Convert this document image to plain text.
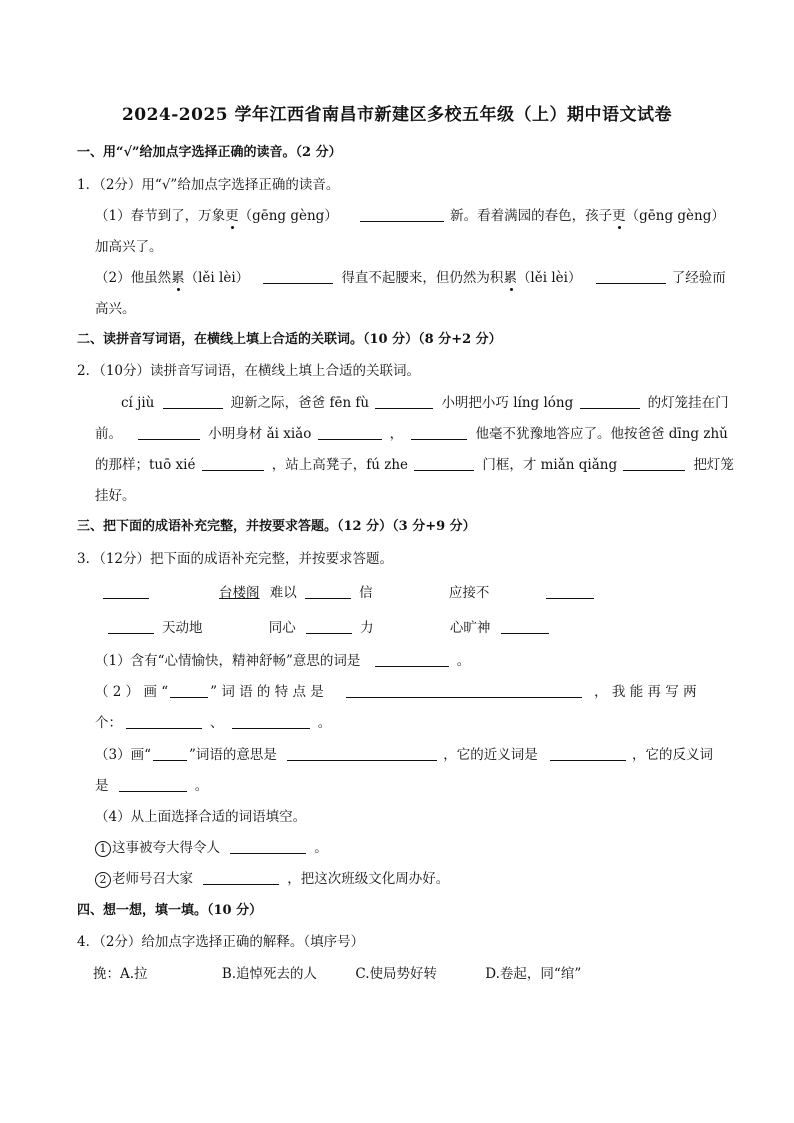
2024-2025 学年江西省南昌市新建区多校五年级（上）期中语文试卷
一、用“√”给加点字选择正确的读音。（2 分）
1．（2分）用“√”给加点字选择正确的读音。
（1）春节到了，万象更（gēng gèng）	新。看着满园的春色，孩子更（gēng gèng）
加高兴了。
（2）他虽然累（lěi lèi）	得直不起腰来，但仍然为积累（lěi lèi）	了经验而
高兴。
二、读拼音写词语，在横线上填上合适的关联词。（10 分）（8 分+2 分）
2．（10分）读拼音写词语，在横线上填上合适的关联词。
cí jiù	迎新之际，爸爸 fēn fù	小明把小巧 líng lóng	的灯笼挂在门
前。	小明身材 ǎi xiǎo	，	他毫不犹豫地答应了。他按爸爸 dīng zhǔ
的那样；tuō xié	，站上高凳子，fú zhe	门框，才 miǎn qiǎng	把灯笼
挂好。
三、把下面的成语补充完整，并按要求答题。（12 分）（3 分+9 分）
3．（12分）把下面的成语补充完整，并按要求答题。
台楼阁 难以	信	应接不
天动地	同心	力	心旷神
（1）含有“心情愉快，精神舒畅”意思的词是	。
（ 2 ） 画 “	” 词 语 的 特 点 是	， 我 能 再 写 两
个：	、	。
（3）画“	”词语的意思是	，它的近义词是	，它的反义词
是	。
（4）从上面选择合适的词语填空。
1 这事被夸大得令人	。
2 老师号召大家	，把这次班级文化周办好。
四、想一想，填一填。（10 分）
4．（2分）给加点字选择正确的解释。（填序号）
挽：A.拉	B.追悼死去的人	C.使局势好转	D.卷起，同“绾”
